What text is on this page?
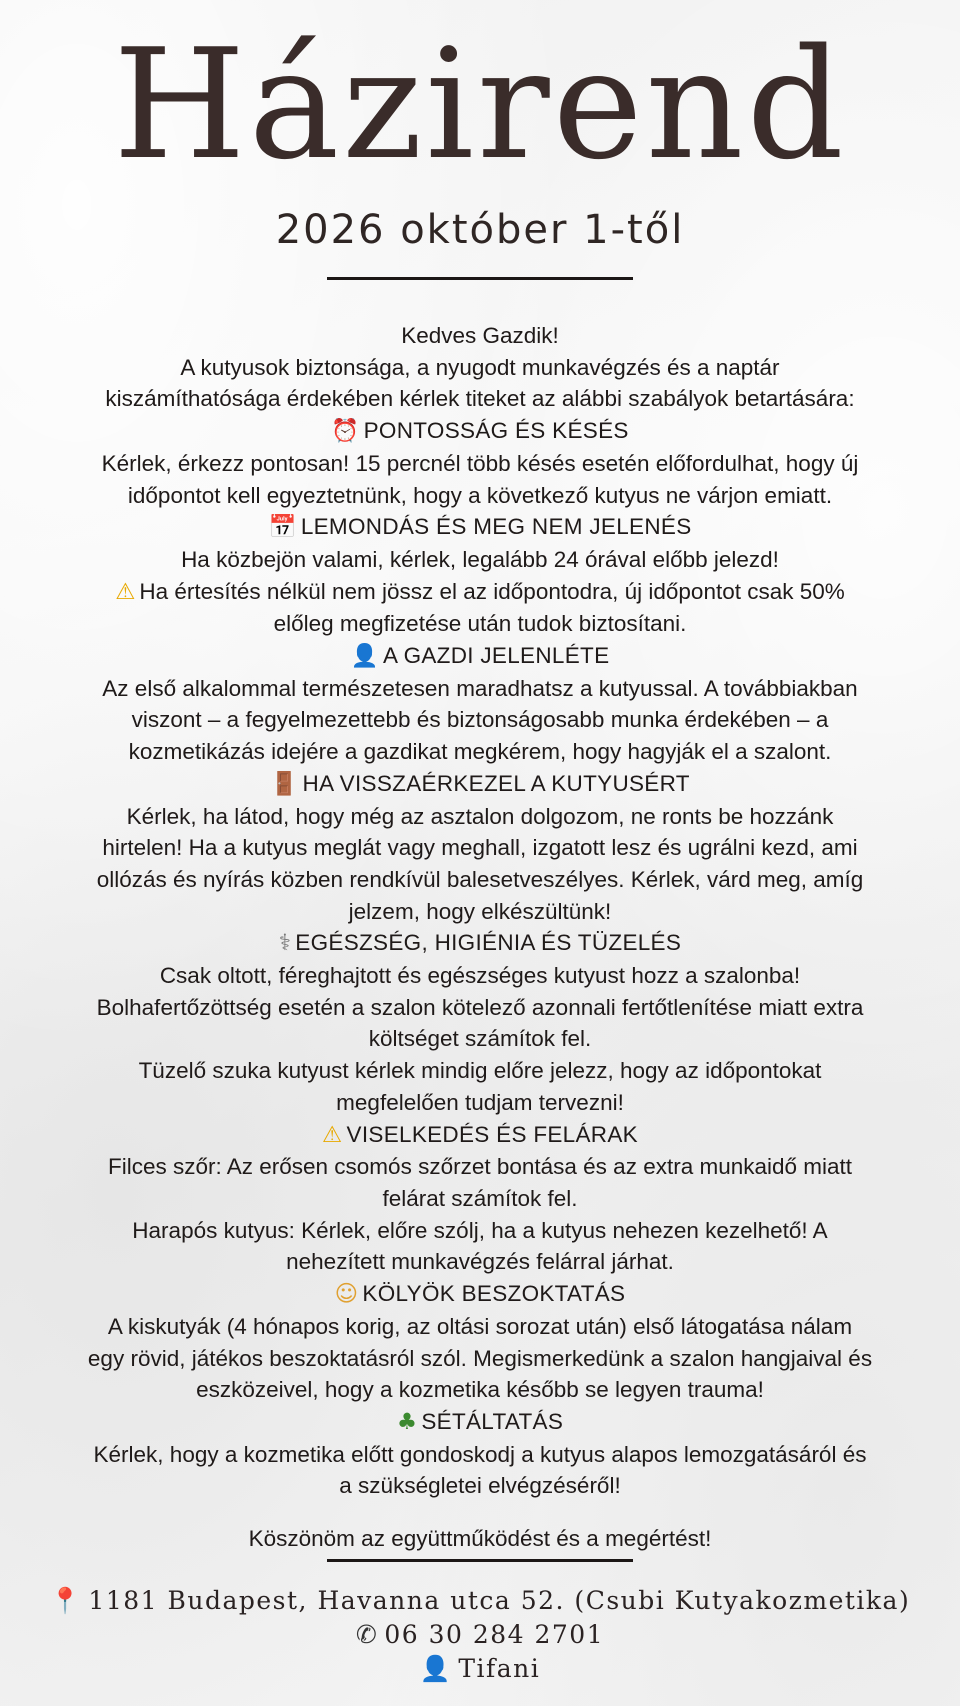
Házirend
2026 október 1-től
Kedves Gazdik!
A kutyusok biztonsága, a nyugodt munkavégzés és a naptár
kiszámíthatósága érdekében kérlek titeket az alábbi szabályok betartására:
⏰ PONTOSSÁG ÉS KÉSÉS
Kérlek, érkezz pontosan! 15 percnél több késés esetén előfordulhat, hogy új
időpontot kell egyeztetnünk, hogy a következő kutyus ne várjon emiatt.
📅 LEMONDÁS ÉS MEG NEM JELENÉS
Ha közbejön valami, kérlek, legalább 24 órával előbb jelezd!
⚠ Ha értesítés nélkül nem jössz el az időpontodra, új időpontot csak 50%
előleg megfizetése után tudok biztosítani.
👤 A GAZDI JELENLÉTE
Az első alkalommal természetesen maradhatsz a kutyussal. A továbbiakban
viszont – a fegyelmezettebb és biztonságosabb munka érdekében – a
kozmetikázás idejére a gazdikat megkérem, hogy hagyják el a szalont.
🚪 HA VISSZAÉRKEZEL A KUTYUSÉRT
Kérlek, ha látod, hogy még az asztalon dolgozom, ne ronts be hozzánk
hirtelen! Ha a kutyus meglát vagy meghall, izgatott lesz és ugrálni kezd, ami
ollózás és nyírás közben rendkívül balesetveszélyes. Kérlek, várd meg, amíg
jelzem, hogy elkészültünk!
⚕ EGÉSZSÉG, HIGIÉNIA ÉS TÜZELÉS
Csak oltott, féreghajtott és egészséges kutyust hozz a szalonba!
Bolhafertőzöttség esetén a szalon kötelező azonnali fertőtlenítése miatt extra
költséget számítok fel.
Tüzelő szuka kutyust kérlek mindig előre jelezz, hogy az időpontokat
megfelelően tudjam tervezni!
⚠ VISELKEDÉS ÉS FELÁRAK
Filces szőr: Az erősen csomós szőrzet bontása és az extra munkaidő miatt
felárat számítok fel.
Harapós kutyus: Kérlek, előre szólj, ha a kutyus nehezen kezelhető! A
nehezített munkavégzés felárral járhat.
☺ KÖLYÖK BESZOKTATÁS
A kiskutyák (4 hónapos korig, az oltási sorozat után) első látogatása nálam
egy rövid, játékos beszoktatásról szól. Megismerkedünk a szalon hangjaival és
eszközeivel, hogy a kozmetika később se legyen trauma!
♣ SÉTÁLTATÁS
Kérlek, hogy a kozmetika előtt gondoskodj a kutyus alapos lemozgatásáról és
a szükségletei elvégzéséről!
Köszönöm az együttműködést és a megértést!
📍 1181 Budapest, Havanna utca 52. (Csubi Kutyakozmetika)
✆ 06 30 284 2701
👤 Tifani
